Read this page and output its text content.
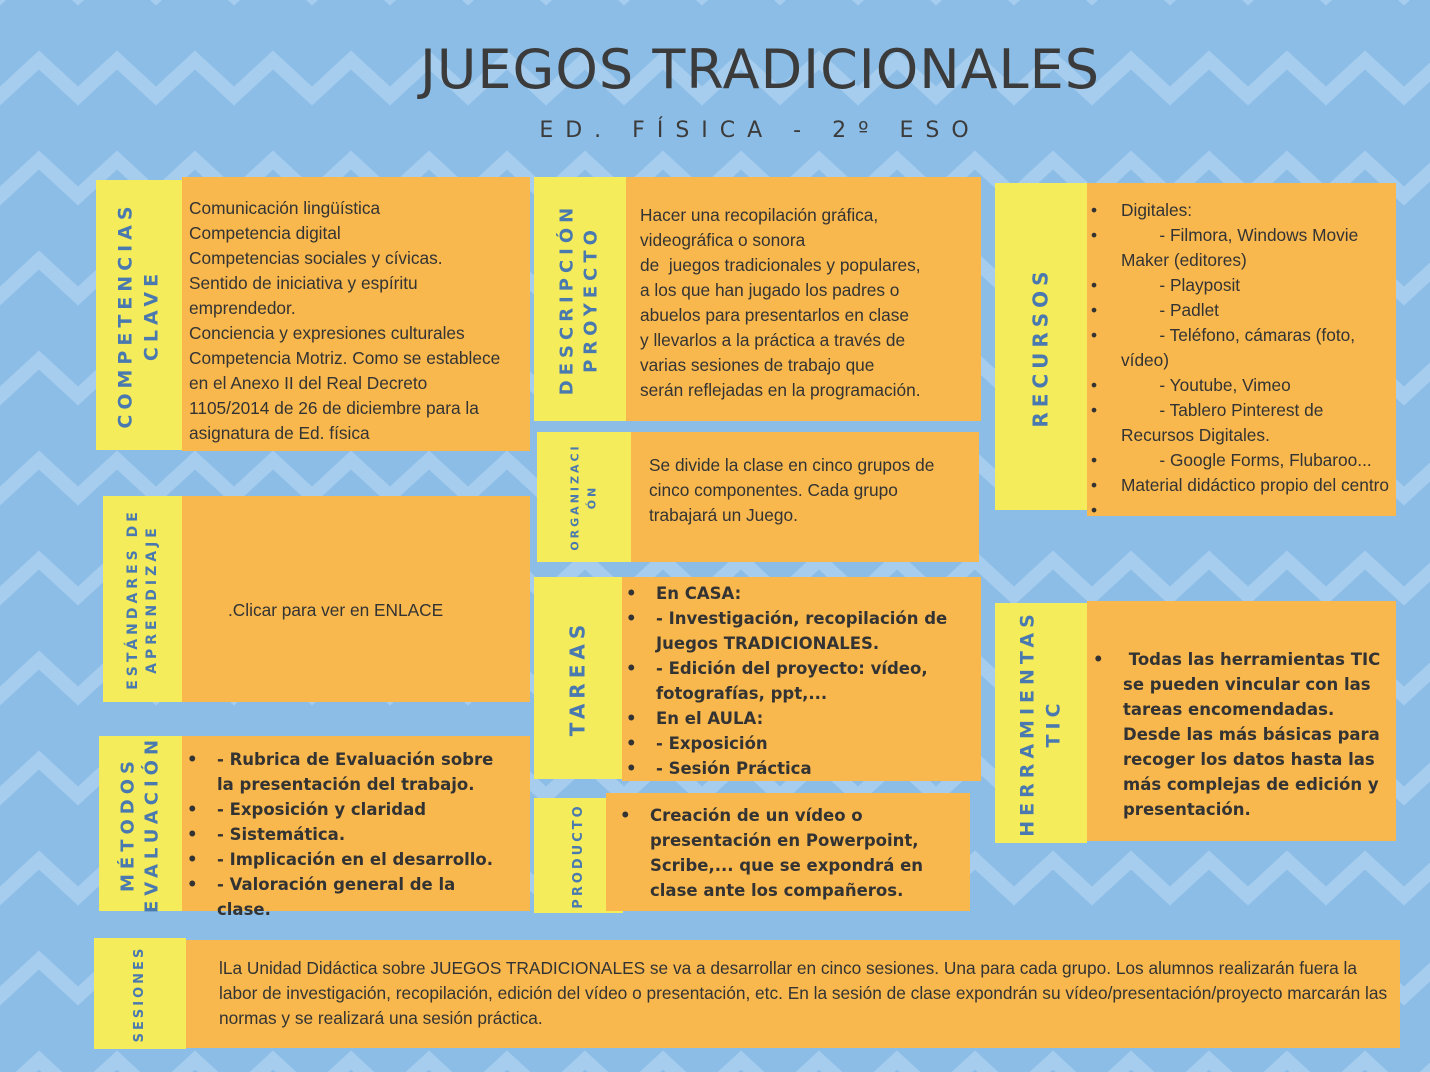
JUEGOS TRADICIONALES
ED. FÍSICA - 2º ESO
COMPETENCIAS CLAVE
Comunicación lingüística
Competencia digital
Competencias sociales y cívicas.
Sentido de iniciativa y espíritu
emprendedor.
Conciencia y expresiones culturales
Competencia Motriz. Como se establece
en el Anexo II del Real Decreto
1105/2014 de 26 de diciembre para la
asignatura de Ed. física
DESCRIPCIÓN PROYECTO
Hacer una recopilación gráfica,
videográfica o sonora
de  juegos tradicionales y populares,
a los que han jugado los padres o
abuelos para presentarlos en clase
y llevarlos a la práctica a través de
varias sesiones de trabajo que
serán reflejadas en la programación.	RECURSOS
• Digitales:
•         - Filmora, Windows Movie Maker (editores)
•         - Playposit
•         - Padlet
•         - Teléfono, cámaras (foto, vídeo)
•         - Youtube, Vimeo
•         - Tablero Pinterest de Recursos Digitales.
•         - Google Forms, Flubaroo...
• Material didáctico propio del centro
ORGANIZACI ÓN
Se divide la clase en cinco grupos de
cinco componentes. Cada grupo
trabajará un Juego.
ESTÁNDARES DE APRENDIZAJE	.Clicar para ver en ENLACE
TAREAS
• En CASA:
• - Investigación, recopilación de Juegos TRADICIONALES.
• - Edición del proyecto: vídeo, fotografías, ppt,...
• En el AULA:
• - Exposición
• - Sesión Práctica	HERRAMIENTAS TIC
•  Todas las herramientas TIC se pueden vincular con las tareas encomendadas. Desde las más básicas para recoger los datos hasta las más complejas de edición y presentación.
MÉTODOS EVALUACIÓN	• - Rubrica de Evaluación sobre la presentación del trabajo.
• - Exposición y claridad
• - Sistemática.
• - Implicación en el desarrollo.
• - Valoración general de la clase.
PRODUCTO	• Creación de un vídeo o presentación en Powerpoint, Scribe,... que se expondrá en clase ante los compañeros.
SESIONES	lLa Unidad Didáctica sobre JUEGOS TRADICIONALES se va a desarrollar en cinco sesiones. Una para cada grupo. Los alumnos realizarán fuera la labor de investigación, recopilación, edición del vídeo o presentación, etc. En la sesión de clase expondrán su vídeo/presentación/proyecto marcarán las normas y se realizará una sesión práctica.
